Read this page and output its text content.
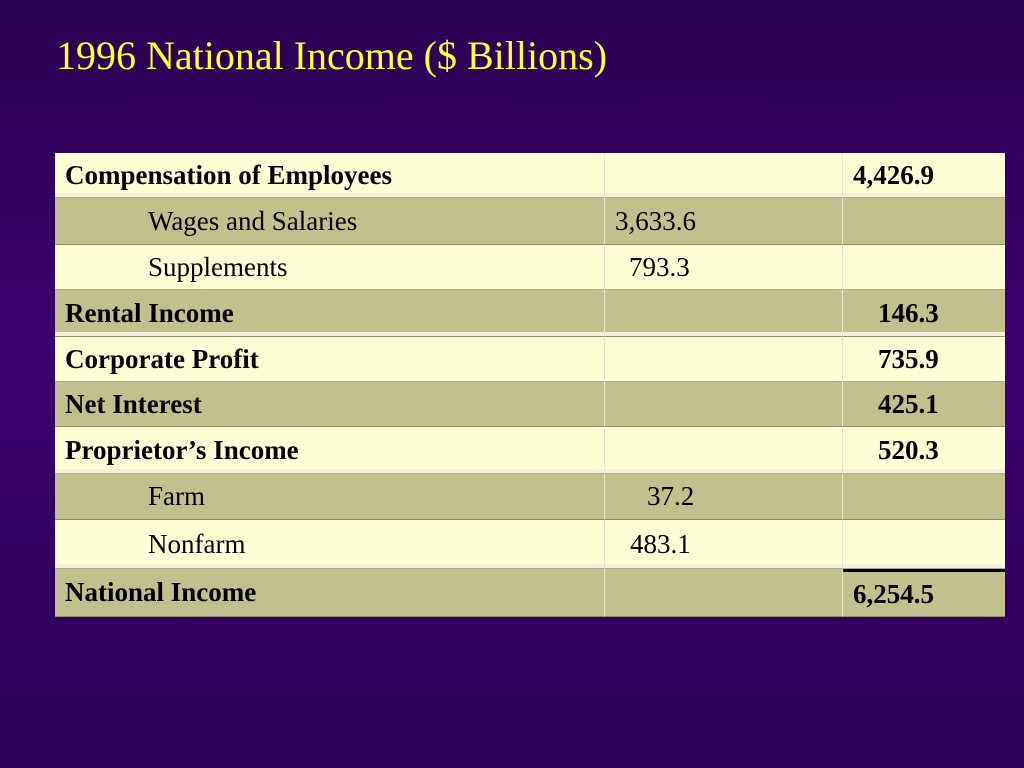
1996 National Income ($ Billions)
Compensation of Employees		4,426.9
Wages and Salaries	3,633.6	
Supplements	793.3	
Rental Income		146.3
Corporate Profit		735.9
Net Interest		425.1
Proprietor’s Income		520.3
Farm	37.2	
Nonfarm	483.1	
National Income		6,254.5
